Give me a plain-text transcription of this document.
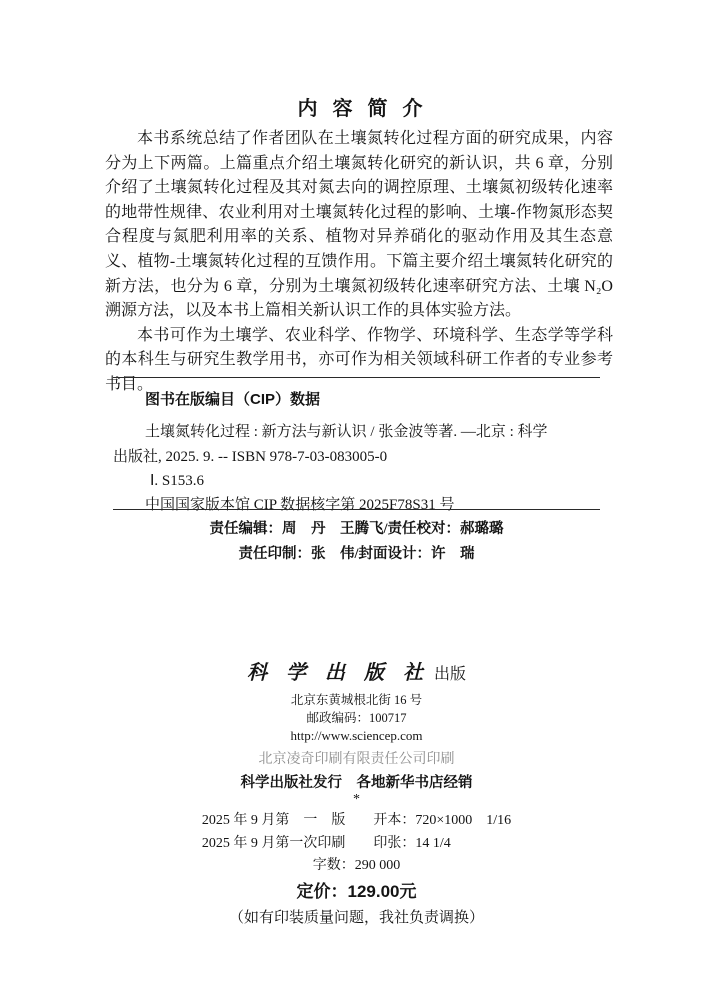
内容简介

本书系统总结了作者团队在土壤氮转化过程方面的研究成果，内容分为上下两篇。上篇重点介绍土壤氮转化研究的新认识，共 6 章，分别介绍了土壤氮转化过程及其对氮去向的调控原理、土壤氮初级转化速率的地带性规律、农业利用对土壤氮转化过程的影响、土壤-作物氮形态契合程度与氮肥利用率的关系、植物对异养硝化的驱动作用及其生态意义、植物-土壤氮转化过程的互馈作用。下篇主要介绍土壤氮转化研究的新方法，也分为 6 章，分别为土壤氮初级转化速率研究方法、土壤 N₂O 溯源方法，以及本书上篇相关新认识工作的具体实验方法。

本书可作为土壤学、农业科学、作物学、环境科学、生态学等学科的本科生与研究生教学用书，亦可作为相关领域科研工作者的专业参考书目。

图书在版编目（CIP）数据
土壤氮转化过程 : 新方法与新认识 / 张金波等著. —北京 : 科学
出版社, 2025. 9. -- ISBN 978-7-03-083005-0
Ⅰ. S153.6
中国国家版本馆 CIP 数据核字第 2025F78S31 号
责任编辑：周　丹　王腾飞/责任校对：郝璐璐
责任印制：张　伟/封面设计：许　瑞
科 学 出 版 社 出版
北京东黄城根北街 16 号
邮政编码：100717
http://www.sciencep.com
北京凌奇印刷有限责任公司印刷
科学出版社发行　各地新华书店经销
*
2025 年 9 月第　一　版　　开本：720×1000　1/16
2025 年 9 月第一次印刷　　印张：14 1/4
字数：290 000
定价：129.00元
（如有印装质量问题，我社负责调换）
